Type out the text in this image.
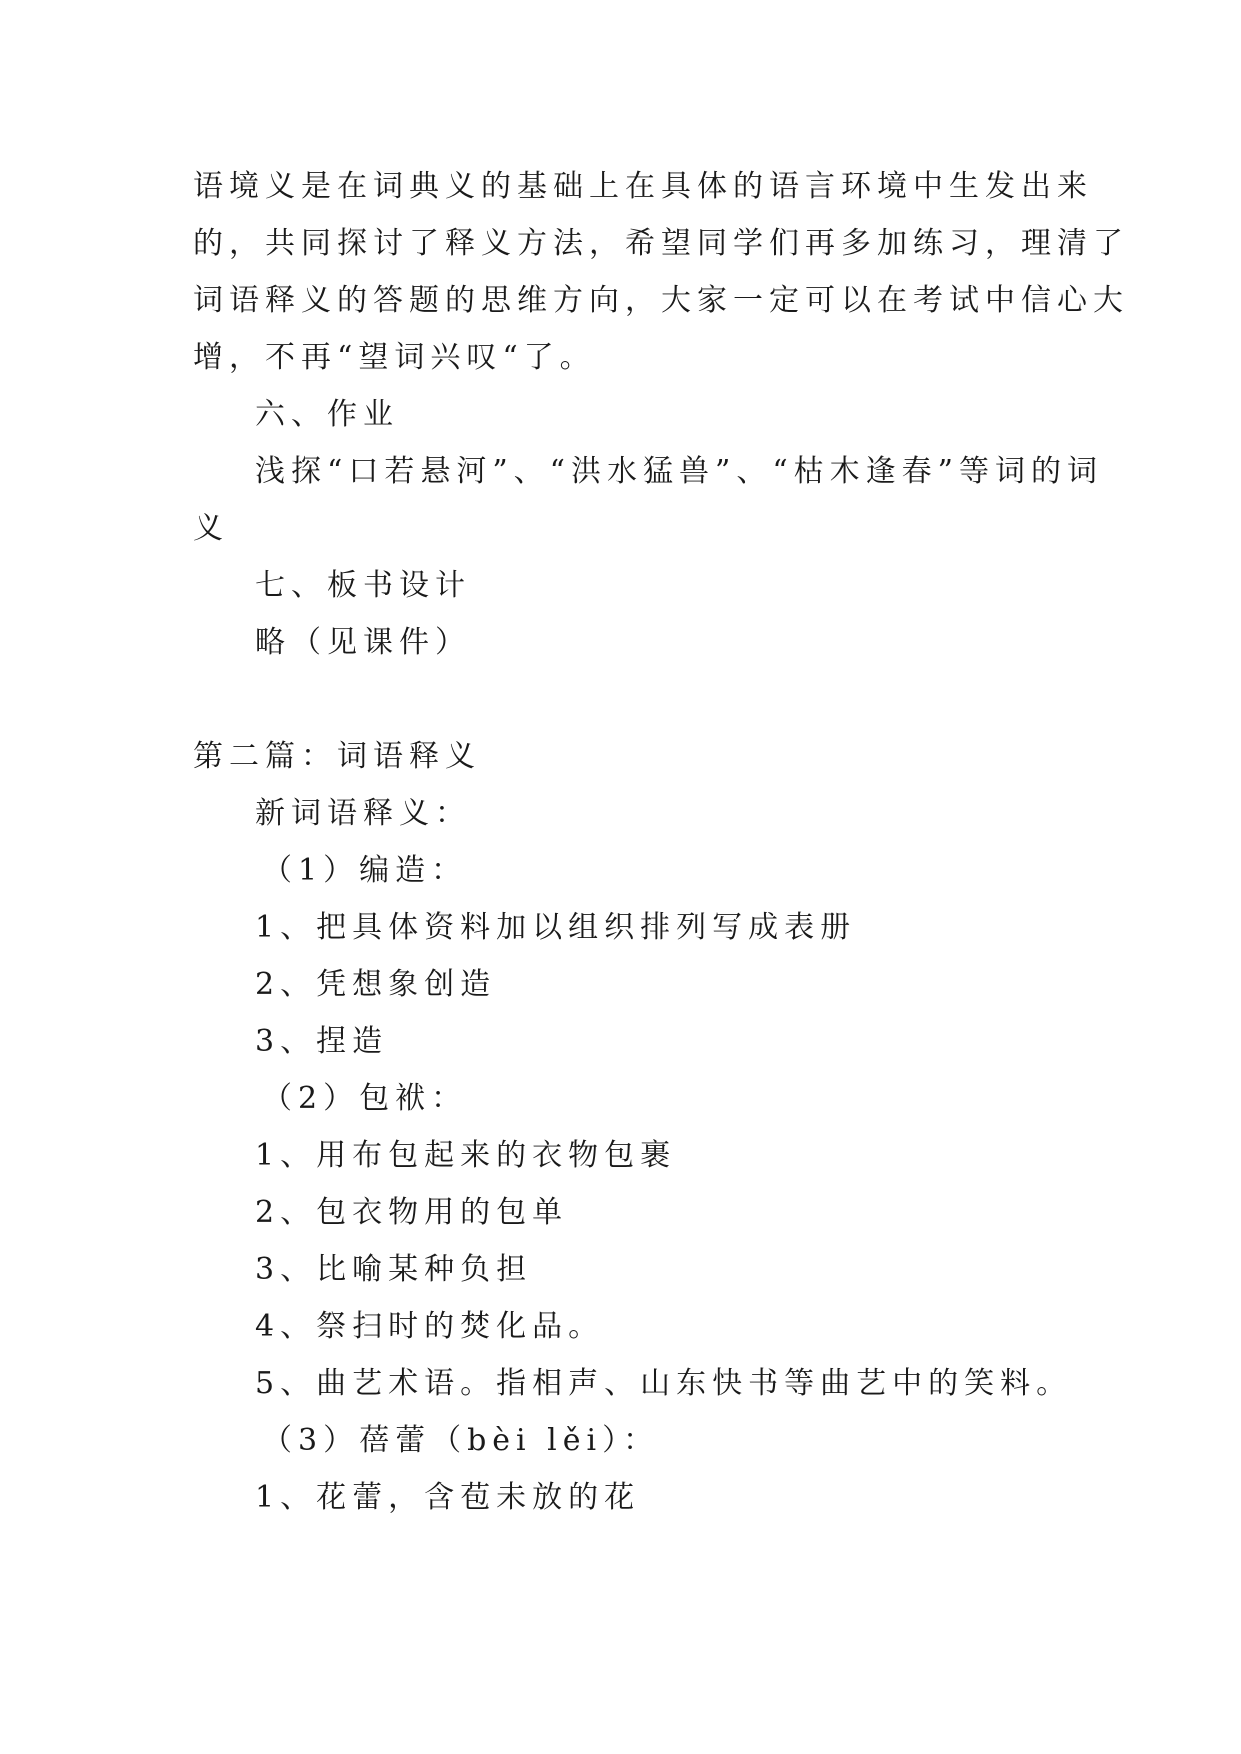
语境义是在词典义的基础上在具体的语言环境中生发出来
的，共同探讨了释义方法，希望同学们再多加练习，理清了
词语释义的答题的思维方向，大家一定可以在考试中信心大
增，不再“望词兴叹“了。
六、作业
浅探“口若悬河”、“洪水猛兽”、“枯木逢春”等词的词
义
七、板书设计
略（见课件）
第二篇：词语释义
新词语释义：
（1）编造：
1、把具体资料加以组织排列写成表册
2、凭想象创造
3、捏造
（2）包袱：
1、用布包起来的衣物包裹
2、包衣物用的包单
3、比喻某种负担
4、祭扫时的焚化品。
5、曲艺术语。指相声、山东快书等曲艺中的笑料。
（3）蓓蕾（bèi lěi）：
1、花蕾，含苞未放的花
